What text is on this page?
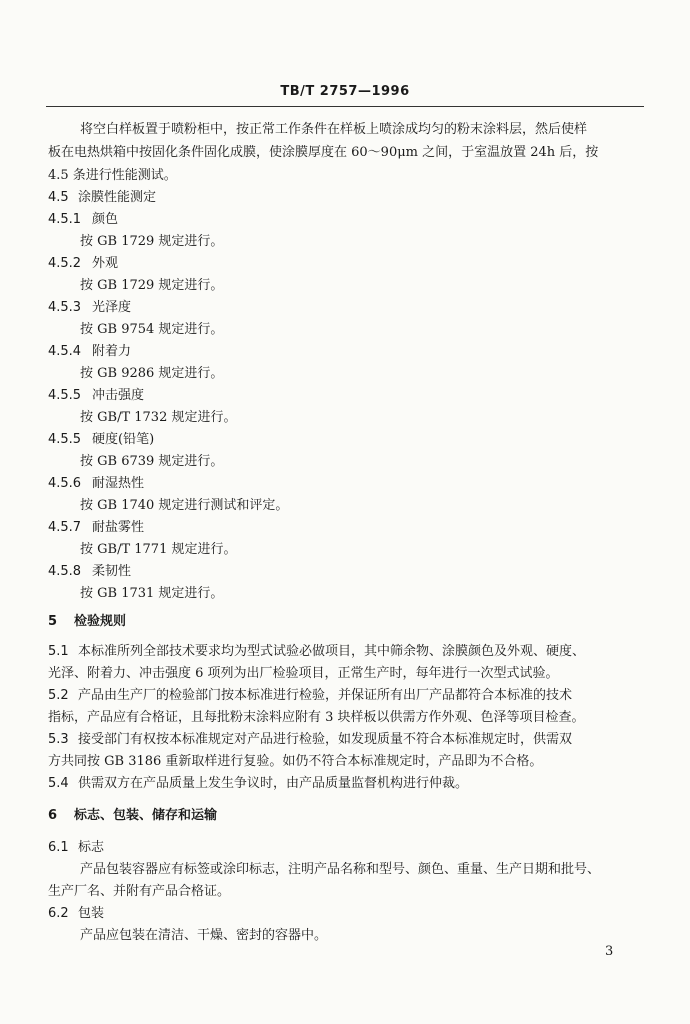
TB/T 2757—1996
将空白样板置于喷粉柜中，按正常工作条件在样板上喷涂成均匀的粉末涂料层，然后使样
板在电热烘箱中按固化条件固化成膜，使涂膜厚度在 60～90μm 之间，于室温放置 24h 后，按
4.5 条进行性能测试。
4.5 涂膜性能测定
4.5.1 颜色
按 GB 1729 规定进行。
4.5.2 外观
按 GB 1729 规定进行。
4.5.3 光泽度
按 GB 9754 规定进行。
4.5.4 附着力
按 GB 9286 规定进行。
4.5.5 冲击强度
按 GB/T 1732 规定进行。
4.5.5 硬度(铅笔)
按 GB 6739 规定进行。
4.5.6 耐湿热性
按 GB 1740 规定进行测试和评定。
4.5.7 耐盐雾性
按 GB/T 1771 规定进行。
4.5.8 柔韧性
按 GB 1731 规定进行。
5 检验规则
5.1 本标准所列全部技术要求均为型式试验必做项目，其中筛余物、涂膜颜色及外观、硬度、
光泽、附着力、冲击强度 6 项列为出厂检验项目，正常生产时，每年进行一次型式试验。
5.2 产品由生产厂的检验部门按本标准进行检验，并保证所有出厂产品都符合本标准的技术
指标，产品应有合格证，且每批粉末涂料应附有 3 块样板以供需方作外观、色泽等项目检查。
5.3 接受部门有权按本标准规定对产品进行检验，如发现质量不符合本标准规定时，供需双
方共同按 GB 3186 重新取样进行复验。如仍不符合本标准规定时，产品即为不合格。
5.4 供需双方在产品质量上发生争议时，由产品质量监督机构进行仲裁。
6 标志、包装、储存和运输
6.1 标志
产品包装容器应有标签或涂印标志，注明产品名称和型号、颜色、重量、生产日期和批号、
生产厂名、并附有产品合格证。
6.2 包装
产品应包装在清洁、干燥、密封的容器中。
3
